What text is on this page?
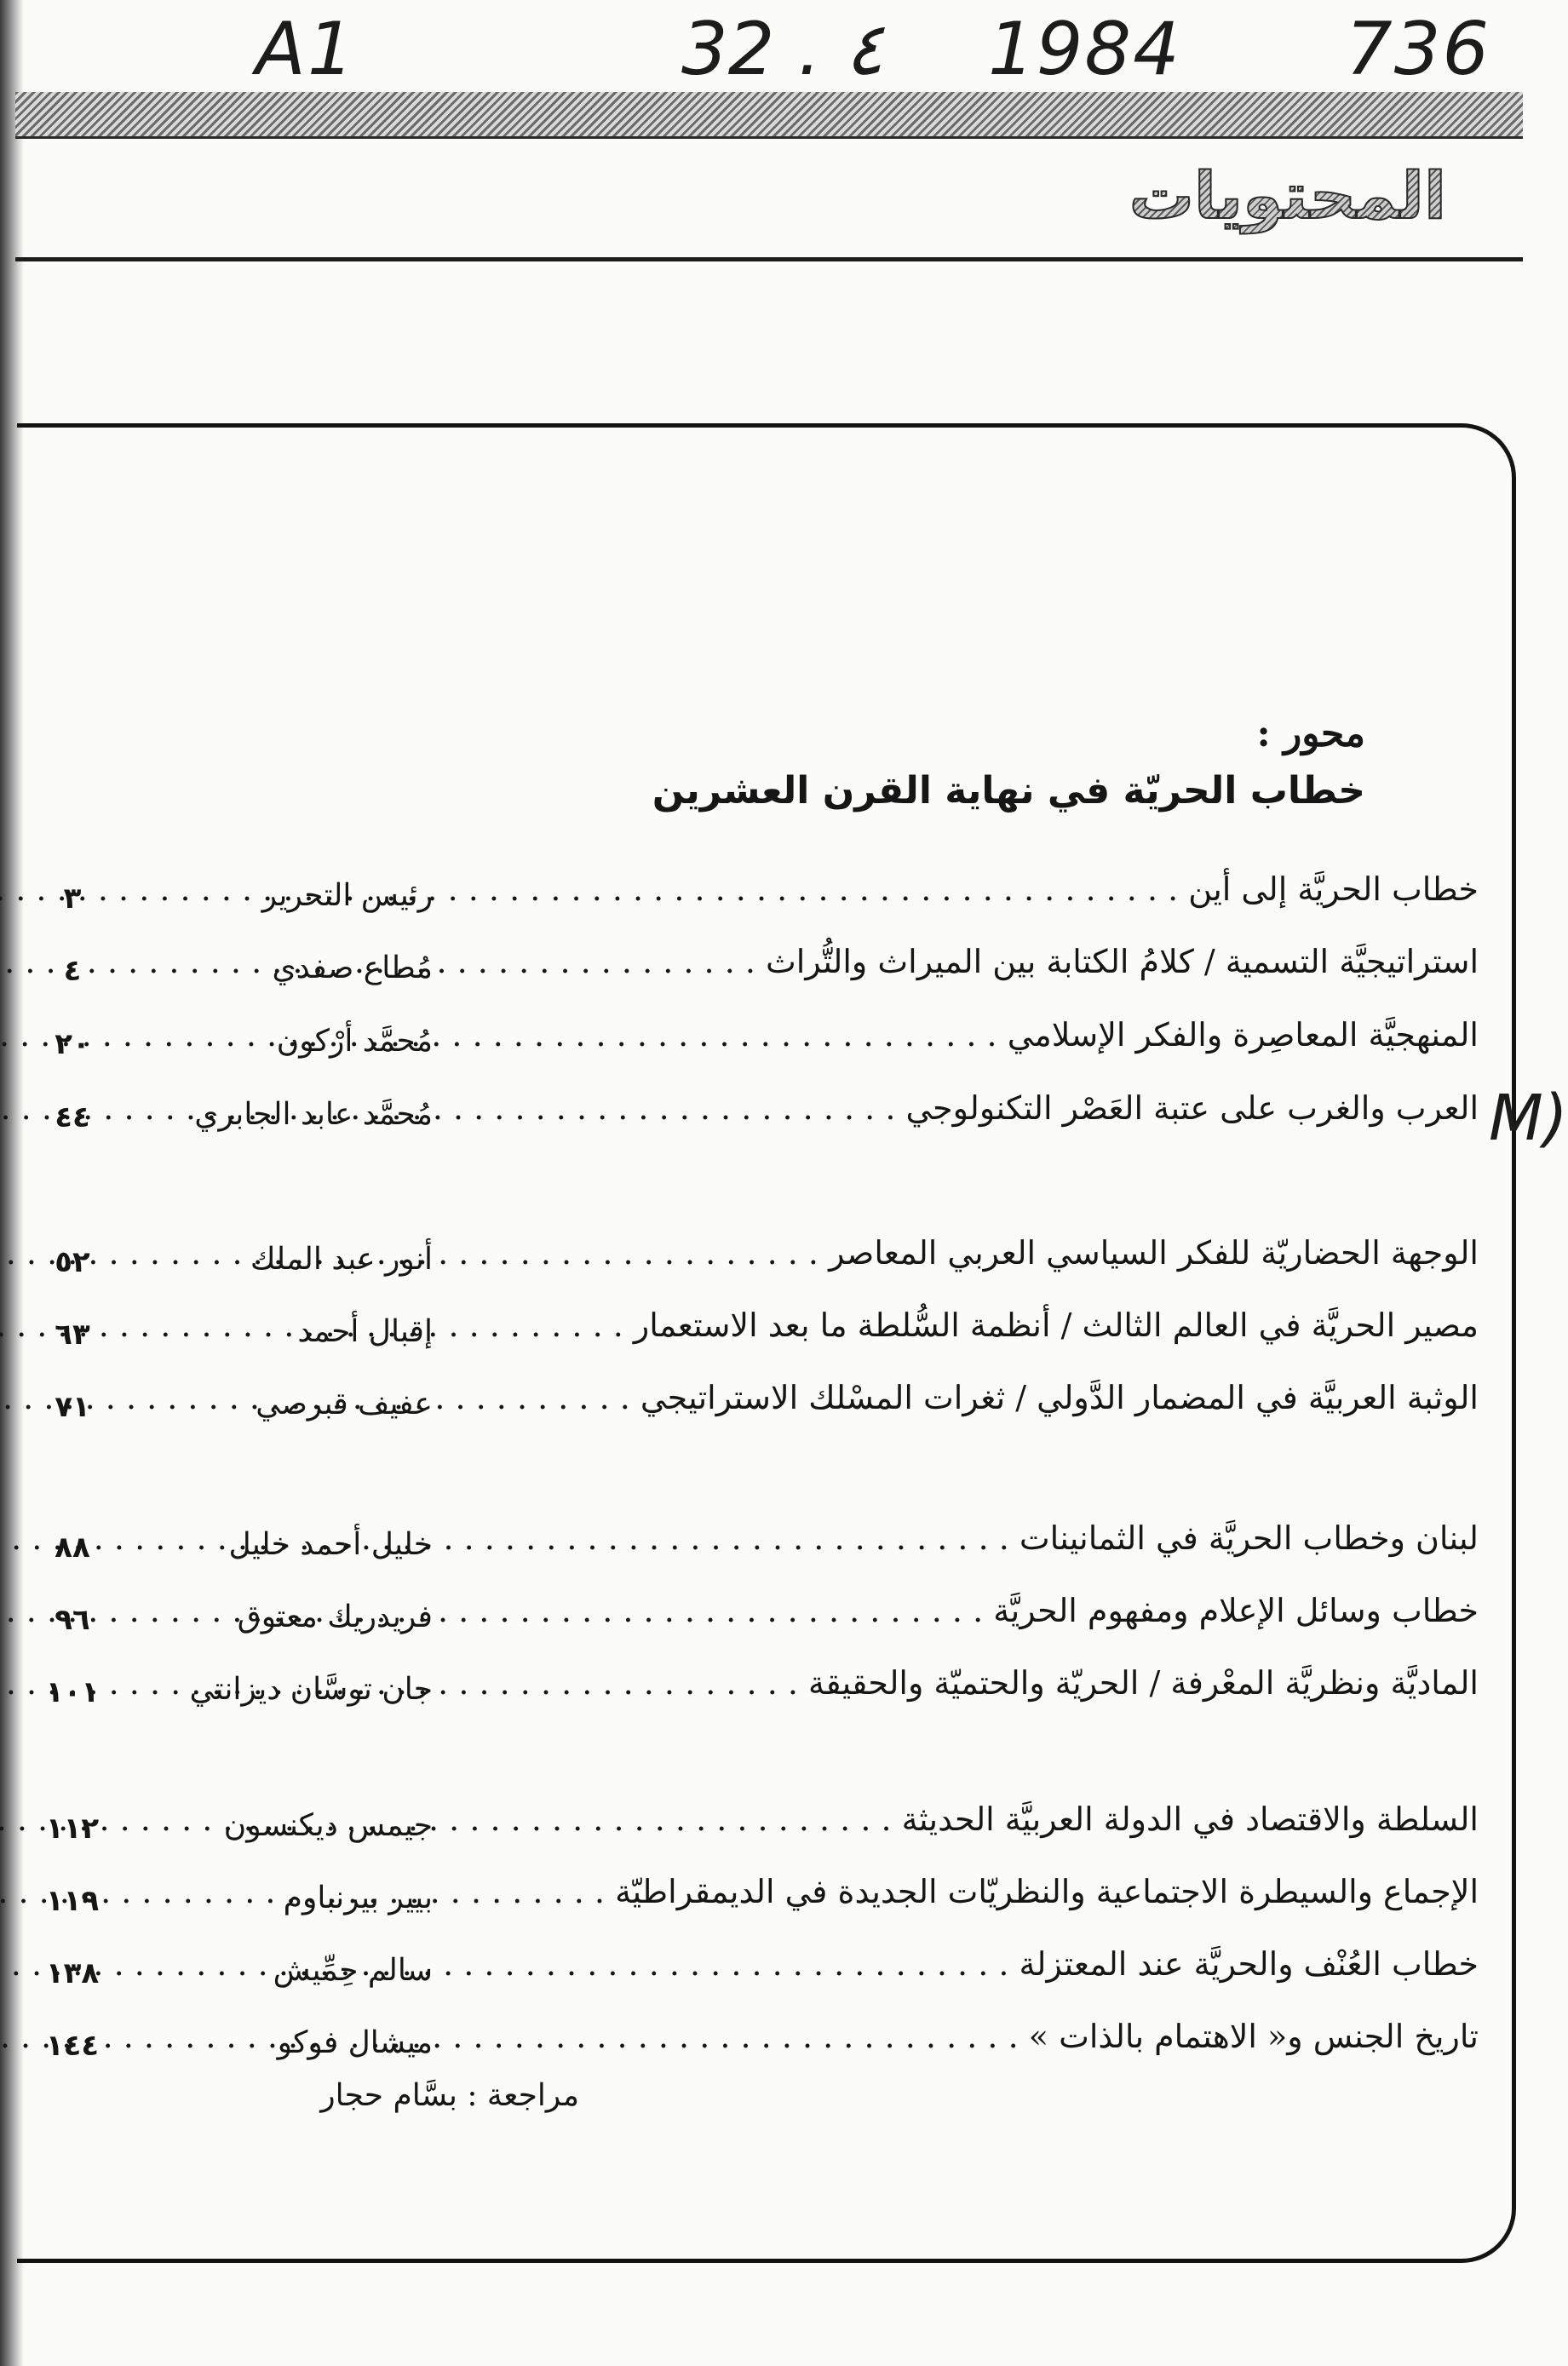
A1	32 . ٤ 1984 736
المحتويات
محور :
خطاب الحريّة في نهاية القرن العشرين
خطاب الحريَّة إلى أين . . .
رئيس التحرير
٣
استراتيجيَّة التسمية / كلامُ الكتابة بين الميراث والتُّراث . . .
مُطاع صفدي
٤
المنهجيَّة المعاصِرة والفكر الإسلامي . . .
مُحمَّد أرْكون
٢٠
العرب والغرب على عتبة العَصْر التكنولوجي . . .
مُحمَّد عابد الجابري
٤٤
الوجهة الحضاريّة للفكر السياسي العربي المعاصر . . .
أنور عبد الملك
٥٢
مصير الحريَّة في العالم الثالث / أنظمة السُّلطة ما بعد الاستعمار . . .
إقبال أحمد
٦٣
الوثبة العربيَّة في المضمار الدَّولي / ثغرات المسْلك الاستراتيجي . . .
عفيف قبرصي
٧١
لبنان وخطاب الحريَّة في الثمانينات . . .
خليل أحمد خليل
٨٨
خطاب وسائل الإعلام ومفهوم الحريَّة . . .
فريدريك معتوق
٩٦
الماديَّة ونظريَّة المعْرفة / الحريّة والحتميّة والحقيقة . . .
جان توسَّان ديزانتي
١٠١
السلطة والاقتصاد في الدولة العربيَّة الحديثة . . .
جيمس ديكنسون
١١٢
الإجماع والسيطرة الاجتماعية والنظريّات الجديدة في الديمقراطيّة . . .
بيير بيرنباوم
١١٩
خطاب العُنْف والحريَّة عند المعتزلة . . .
سالم حِمِّيش
١٣٨
تاريخ الجنس و« الاهتمام بالذات » . . .
ميشال فوكو
١٤٤
مراجعة : بسَّام حجار
M)
